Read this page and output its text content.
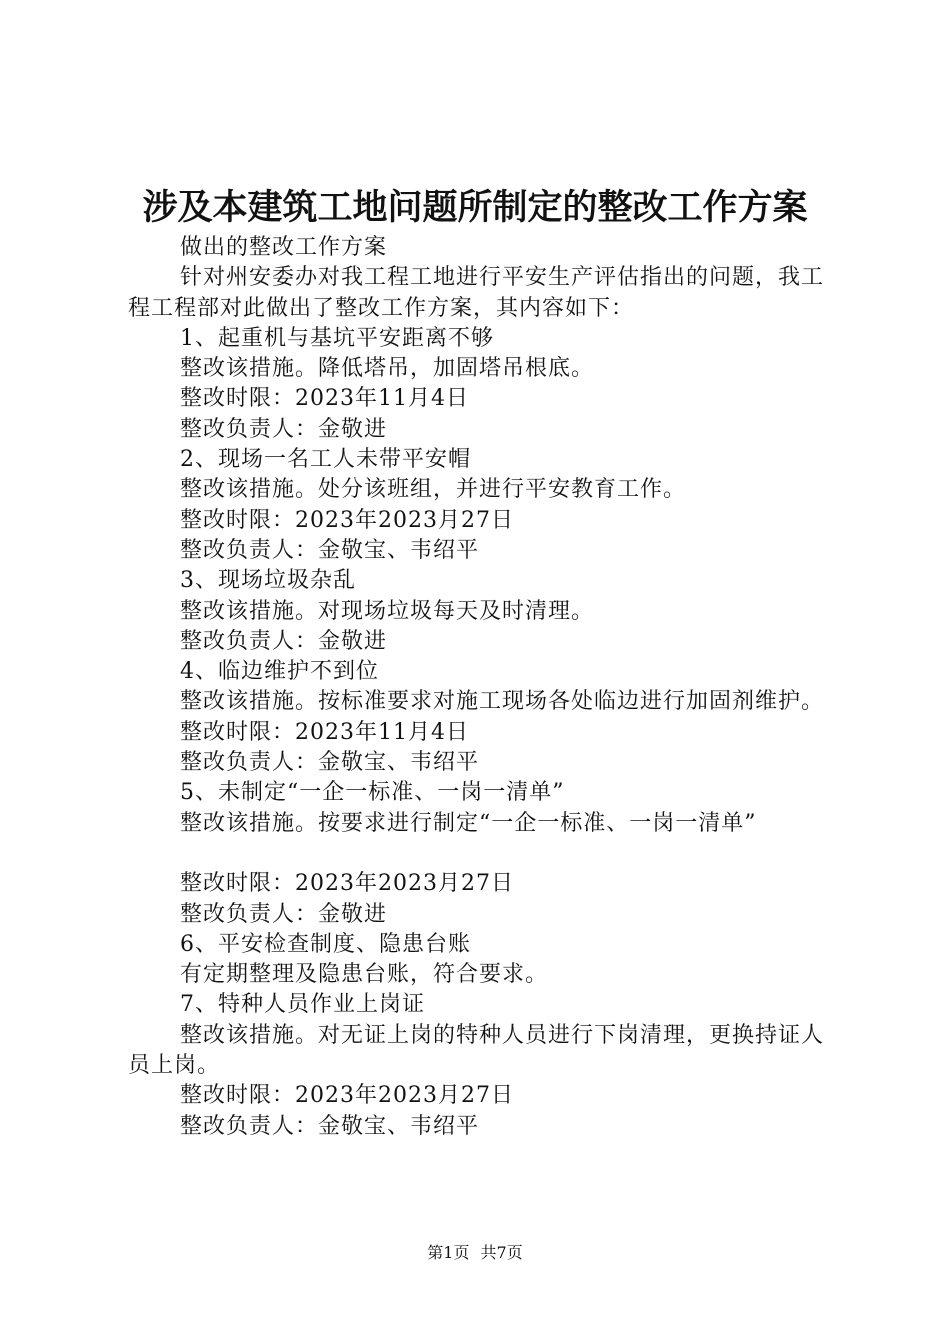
涉及本建筑工地问题所制定的整改工作方案

做出的整改工作方案

针对州安委办对我工程工地进行平安生产评估指出的问题，我工程工程部对此做出了整改工作方案，其内容如下：

1、起重机与基坑平安距离不够

整改该措施。降低塔吊，加固塔吊根底。

整改时限：2023年11月4日

整改负责人：金敬进

2、现场一名工人未带平安帽

整改该措施。处分该班组，并进行平安教育工作。

整改时限：2023年2023月27日

整改负责人：金敬宝、韦绍平

3、现场垃圾杂乱

整改该措施。对现场垃圾每天及时清理。

整改负责人：金敬进

4、临边维护不到位

整改该措施。按标准要求对施工现场各处临边进行加固剂维护。

整改时限：2023年11月4日

整改负责人：金敬宝、韦绍平

5、未制定“一企一标准、一岗一清单”

整改该措施。按要求进行制定“一企一标准、一岗一清单”

整改时限：2023年2023月27日

整改负责人：金敬进

6、平安检查制度、隐患台账

有定期整理及隐患台账，符合要求。

7、特种人员作业上岗证

整改该措施。对无证上岗的特种人员进行下岗清理，更换持证人员上岗。

整改时限：2023年2023月27日

整改负责人：金敬宝、韦绍平

第1页 共7页
